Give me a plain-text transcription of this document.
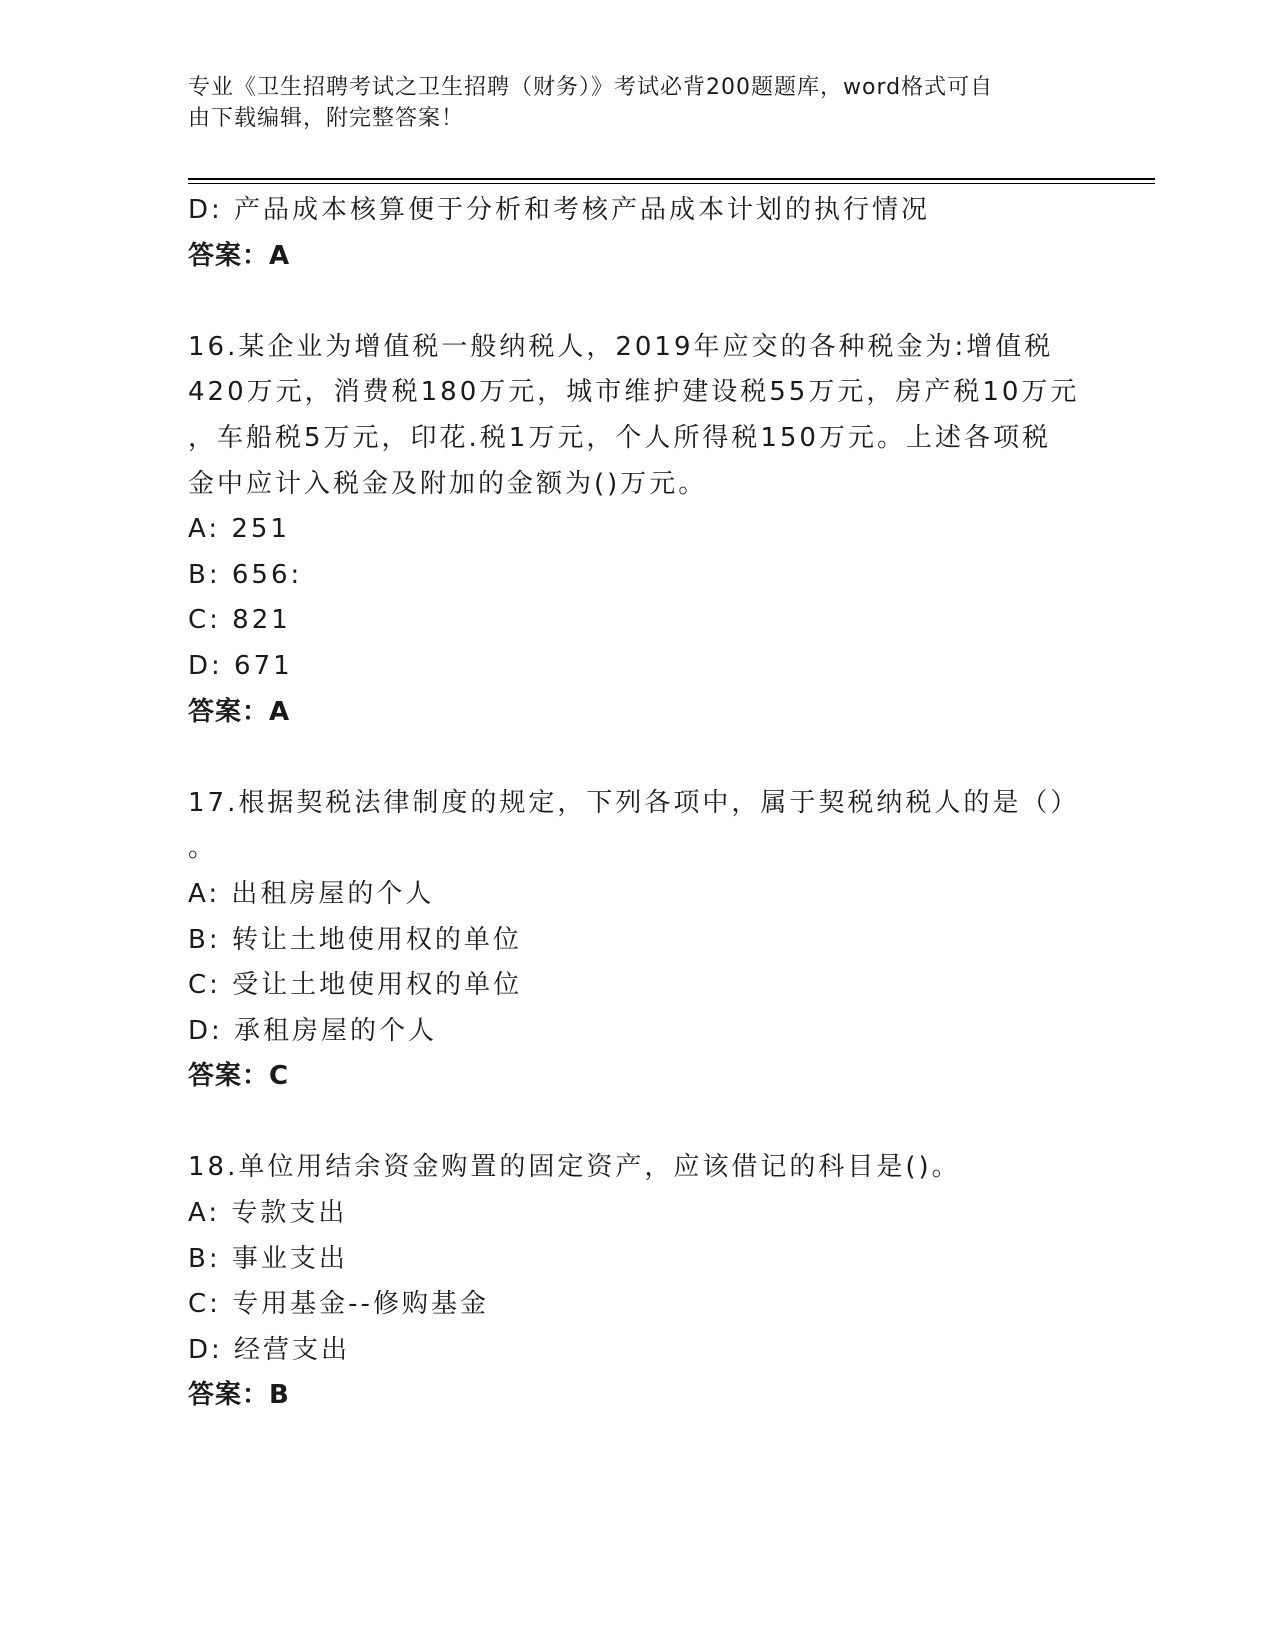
专业《卫生招聘考试之卫生招聘（财务）》考试必背200题题库，word格式可自
由下载编辑，附完整答案！
D: 产品成本核算便于分析和考核产品成本计划的执行情况
答案：A
16.某企业为增值税一般纳税人，2019年应交的各种税金为:增值税
420万元，消费税180万元，城市维护建设税55万元，房产税10万元
，车船税5万元，印花.税1万元，个人所得税150万元。上述各项税
金中应计入税金及附加的金额为()万元。
A: 251
B: 656:
C: 821
D: 671
答案：A
17.根据契税法律制度的规定，下列各项中，属于契税纳税人的是（）
。
A: 出租房屋的个人
B: 转让土地使用权的单位
C: 受让土地使用权的单位
D: 承租房屋的个人
答案：C
18.单位用结余资金购置的固定资产，应该借记的科目是()。
A: 专款支出
B: 事业支出
C: 专用基金--修购基金
D: 经营支出
答案：B
